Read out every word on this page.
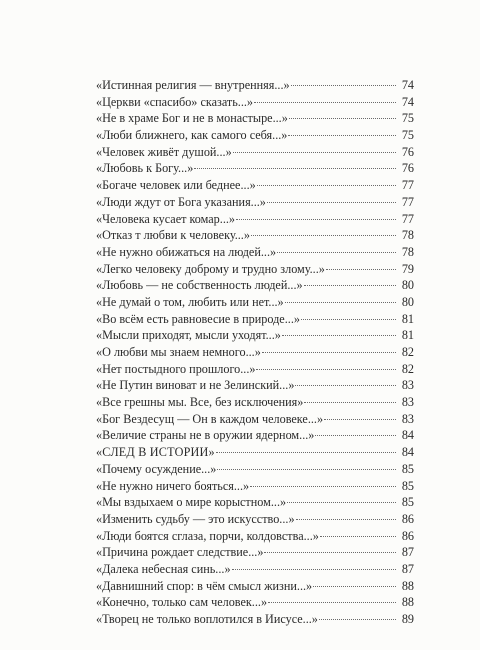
«Истинная религия — внутренняя...»	74
«Церкви «спасибо» сказать...»	74
«Не в храме Бог и не в монастыре...»	75
«Люби ближнего, как самого себя...»	75
«Человек живёт душой...»	76
«Любовь к Богу...»	76
«Богаче человек или беднее...»	77
«Люди ждут от Бога указания...»	77
«Человека кусает комар...»	77
«Отказ т любви к человеку...»	78
«Не нужно обижаться на людей...»	78
«Легко человеку доброму и трудно злому...»	79
«Любовь — не собственность людей...»	80
«Не думай о том, любить или нет...»	80
«Во всём есть равновесие в природе...»	81
«Мысли приходят, мысли уходят...»	81
«О любви мы знаем немного...»	82
«Нет постыдного прошлого...»	82
«Не Путин виноват и не Зелинский...»	83
«Все грешны мы. Все, без исключения»	83
«Бог Вездесущ — Он в каждом человеке...»	83
«Величие страны не в оружии ядерном...»	84
«СЛЕД В ИСТОРИИ»	84
«Почему осуждение...»	85
«Не нужно ничего бояться...»	85
«Мы вздыхаем о мире корыстном...»	85
«Изменить судьбу — это искусство...»	86
«Люди боятся сглаза, порчи, колдовства...»	86
«Причина рождает следствие...»	87
«Далека небесная синь...»	87
«Давнишний спор: в чём смысл жизни...»	88
«Конечно, только сам человек...»	88
«Творец не только воплотился в Иисусе...»	89
